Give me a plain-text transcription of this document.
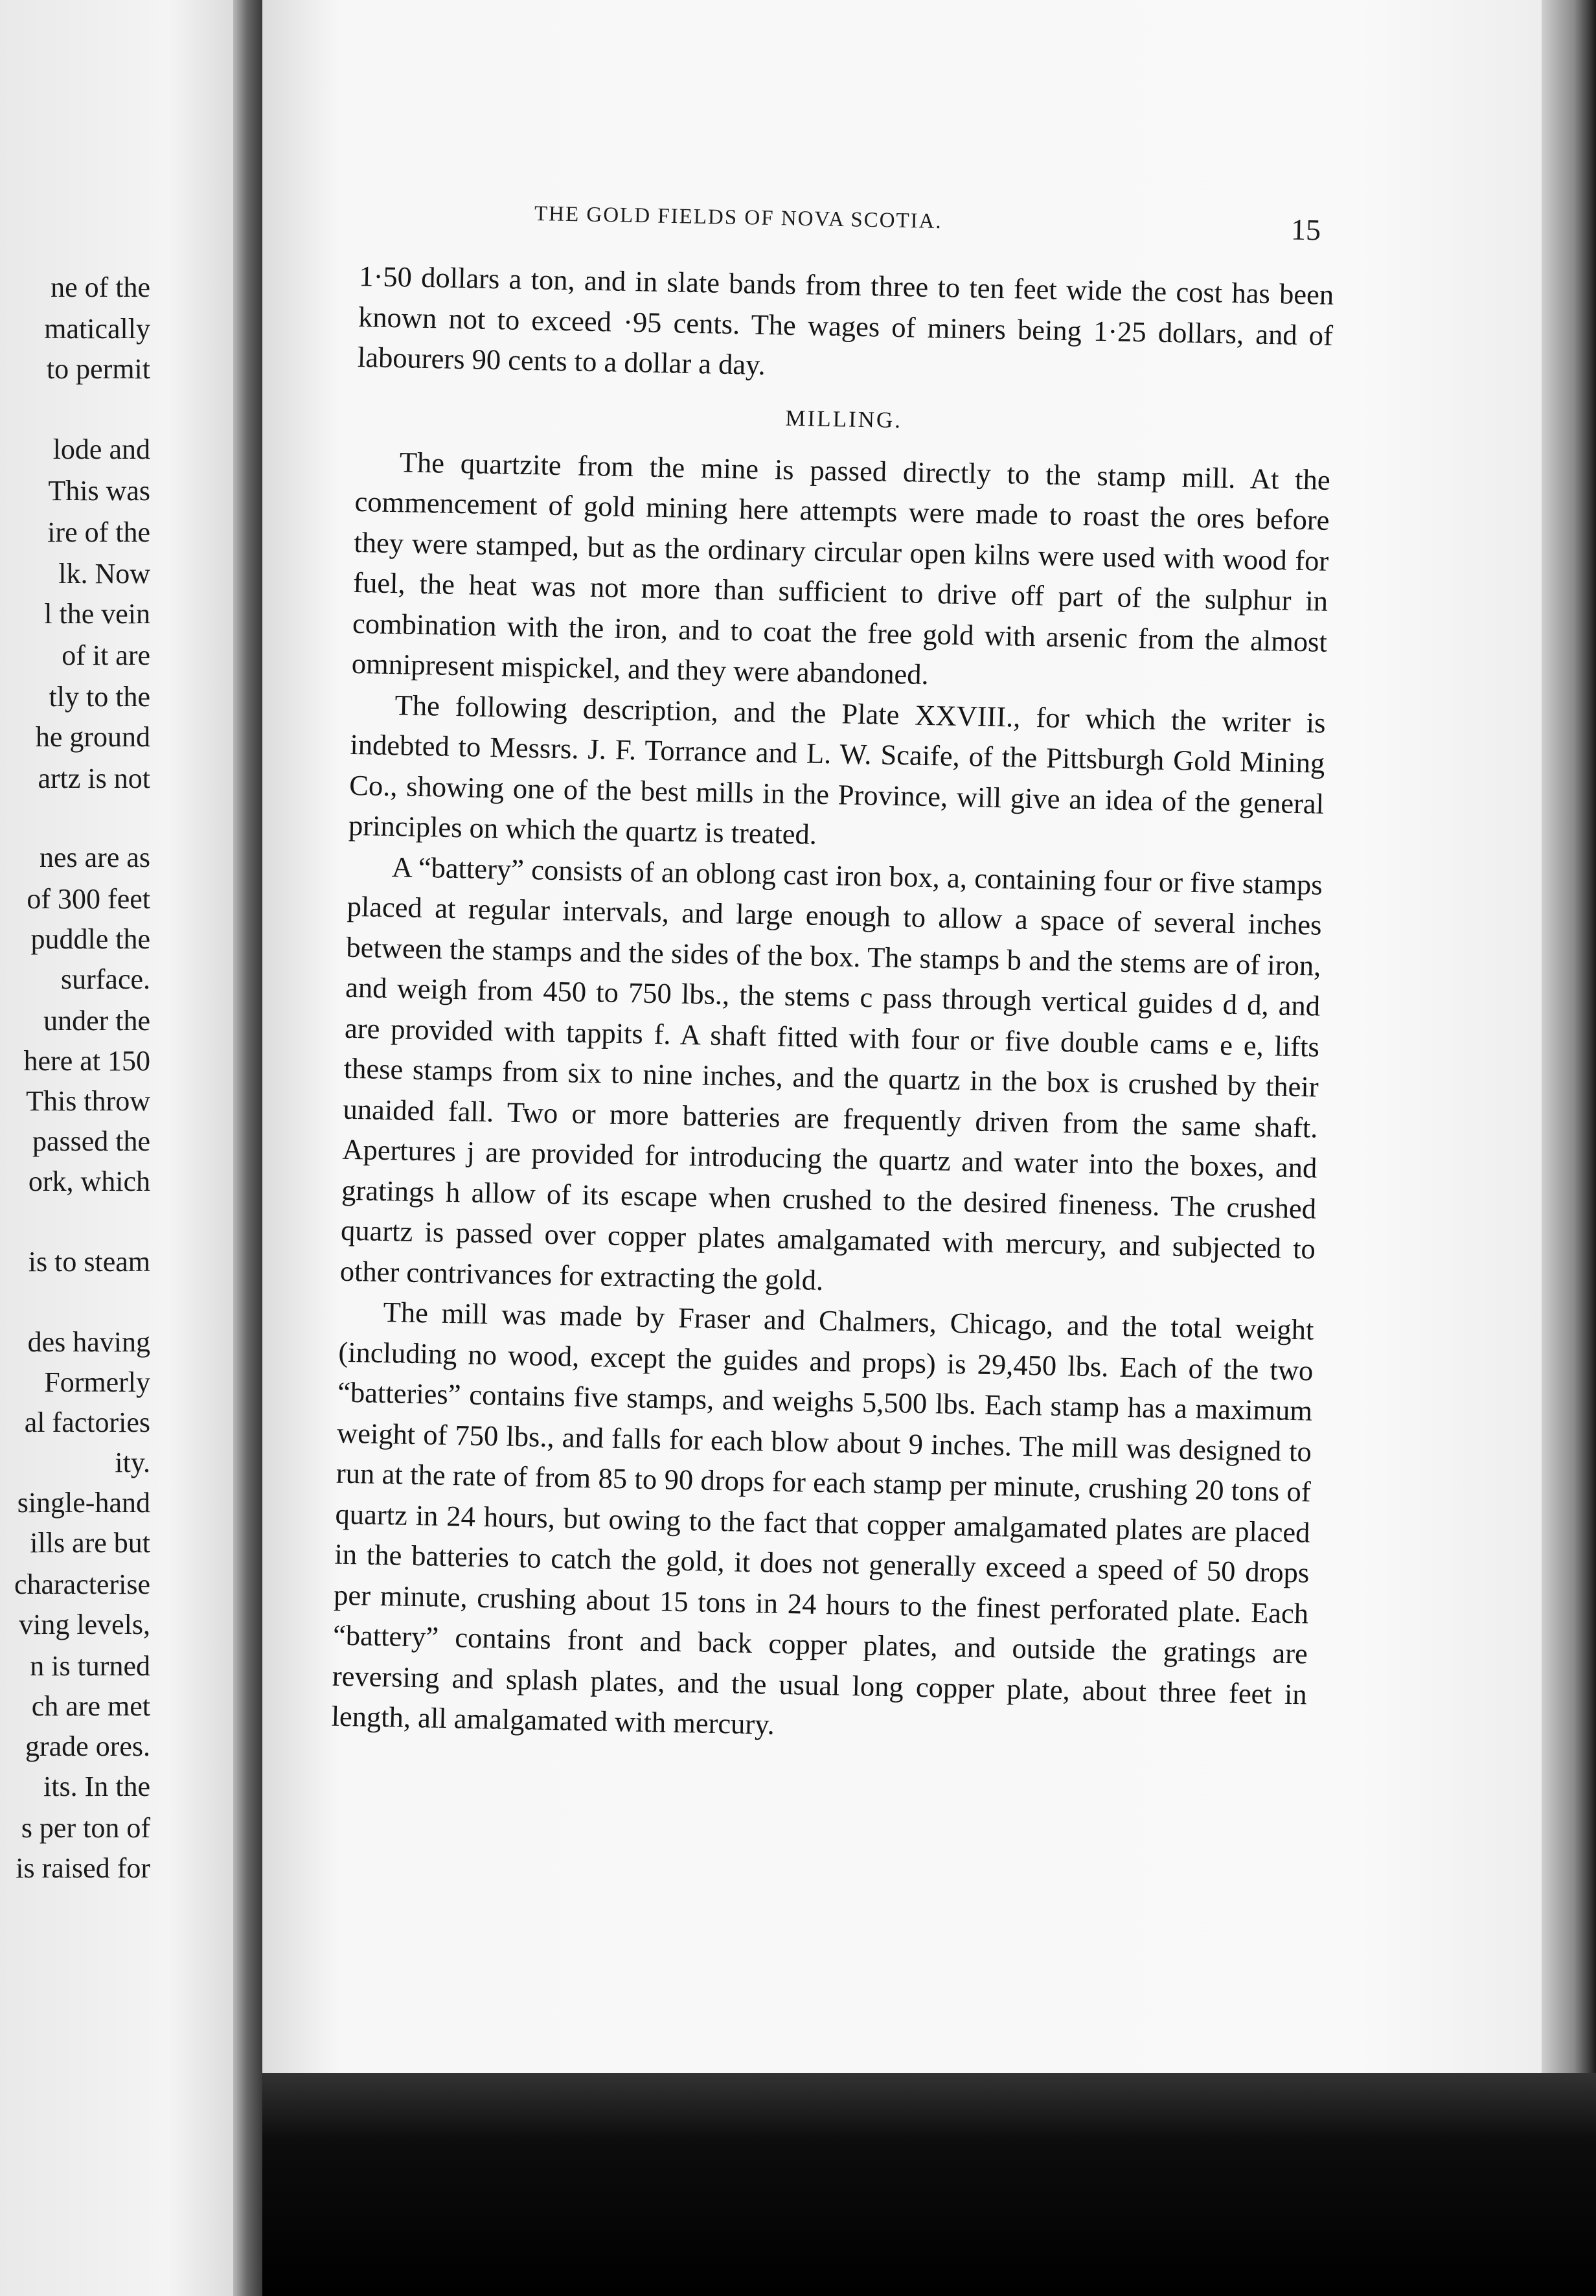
ne of the
matically
to permit
lode and
This was
ire of the
lk. Now
l the vein
of it are
tly to the
he ground
artz is not
nes are as
of 300 feet
puddle the
surface.
under the
here at 150
This throw
passed the
ork, which
is to steam
des having
Formerly
al factories
ity.
single-hand
ills are but
characterise
ving levels,
n is turned
ch are met
grade ores.
its. In the
s per ton of
is raised for
THE GOLD FIELDS OF NOVA SCOTIA.	15

1·50 dollars a ton, and in slate bands from three to ten feet wide the cost has been known not to exceed ·95 cents. The wages of miners being 1·25 dollars, and of labourers 90 cents to a dollar a day.

MILLING.

The quartzite from the mine is passed directly to the stamp mill. At the commencement of gold mining here attempts were made to roast the ores before they were stamped, but as the ordinary circular open kilns were used with wood for fuel, the heat was not more than sufficient to drive off part of the sulphur in combination with the iron, and to coat the free gold with arsenic from the almost omnipresent mispickel, and they were abandoned.

The following description, and the Plate XXVIII., for which the writer is indebted to Messrs. J. F. Torrance and L. W. Scaife, of the Pittsburgh Gold Mining Co., showing one of the best mills in the Province, will give an idea of the general principles on which the quartz is treated.

A “battery” consists of an oblong cast iron box, a, containing four or five stamps placed at regular intervals, and large enough to allow a space of several inches between the stamps and the sides of the box. The stamps b and the stems are of iron, and weigh from 450 to 750 lbs., the stems c pass through vertical guides d d, and are provided with tappits f. A shaft fitted with four or five double cams e e, lifts these stamps from six to nine inches, and the quartz in the box is crushed by their unaided fall. Two or more batteries are frequently driven from the same shaft. Apertures j are provided for introducing the quartz and water into the boxes, and gratings h allow of its escape when crushed to the desired fineness. The crushed quartz is passed over copper plates amalgamated with mercury, and subjected to other contrivances for extracting the gold.

The mill was made by Fraser and Chalmers, Chicago, and the total weight (including no wood, except the guides and props) is 29,450 lbs. Each of the two “batteries” contains five stamps, and weighs 5,500 lbs. Each stamp has a maximum weight of 750 lbs., and falls for each blow about 9 inches. The mill was designed to run at the rate of from 85 to 90 drops for each stamp per minute, crushing 20 tons of quartz in 24 hours, but owing to the fact that copper amalgamated plates are placed in the batteries to catch the gold, it does not generally exceed a speed of 50 drops per minute, crushing about 15 tons in 24 hours to the finest perforated plate. Each “battery” contains front and back copper plates, and outside the gratings are reversing and splash plates, and the usual long copper plate, about three feet in length, all amalgamated with mercury.
